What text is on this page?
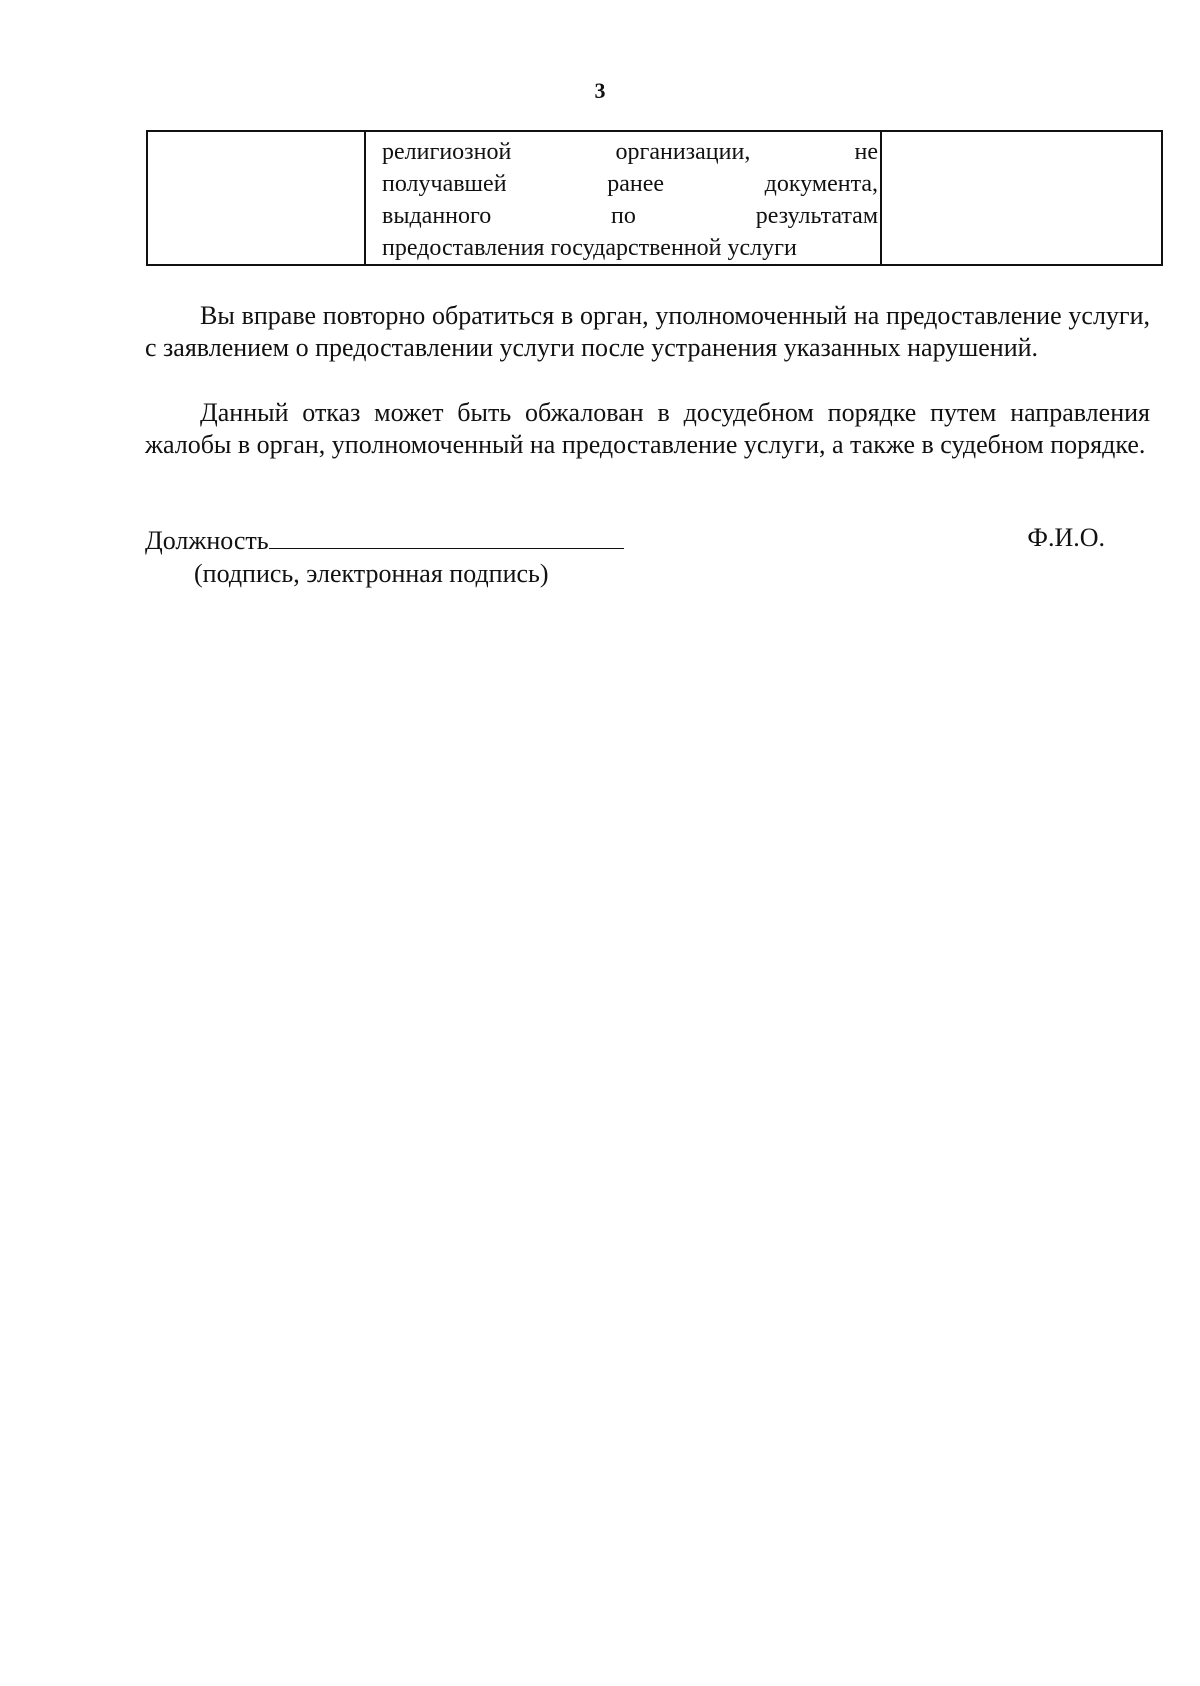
3

религиозной организации, не
получавшей ранее документа,
выданного по результатам
предоставления государственной услуги

Вы вправе повторно обратиться в орган, уполномоченный на предоставление услуги, с заявлением о предоставлении услуги после устранения указанных нарушений.

Данный отказ может быть обжалован в досудебном порядке путем направления жалобы в орган, уполномоченный на предоставление услуги, а также в судебном порядке.

Должность	Ф.И.О.
(подпись, электронная подпись)
